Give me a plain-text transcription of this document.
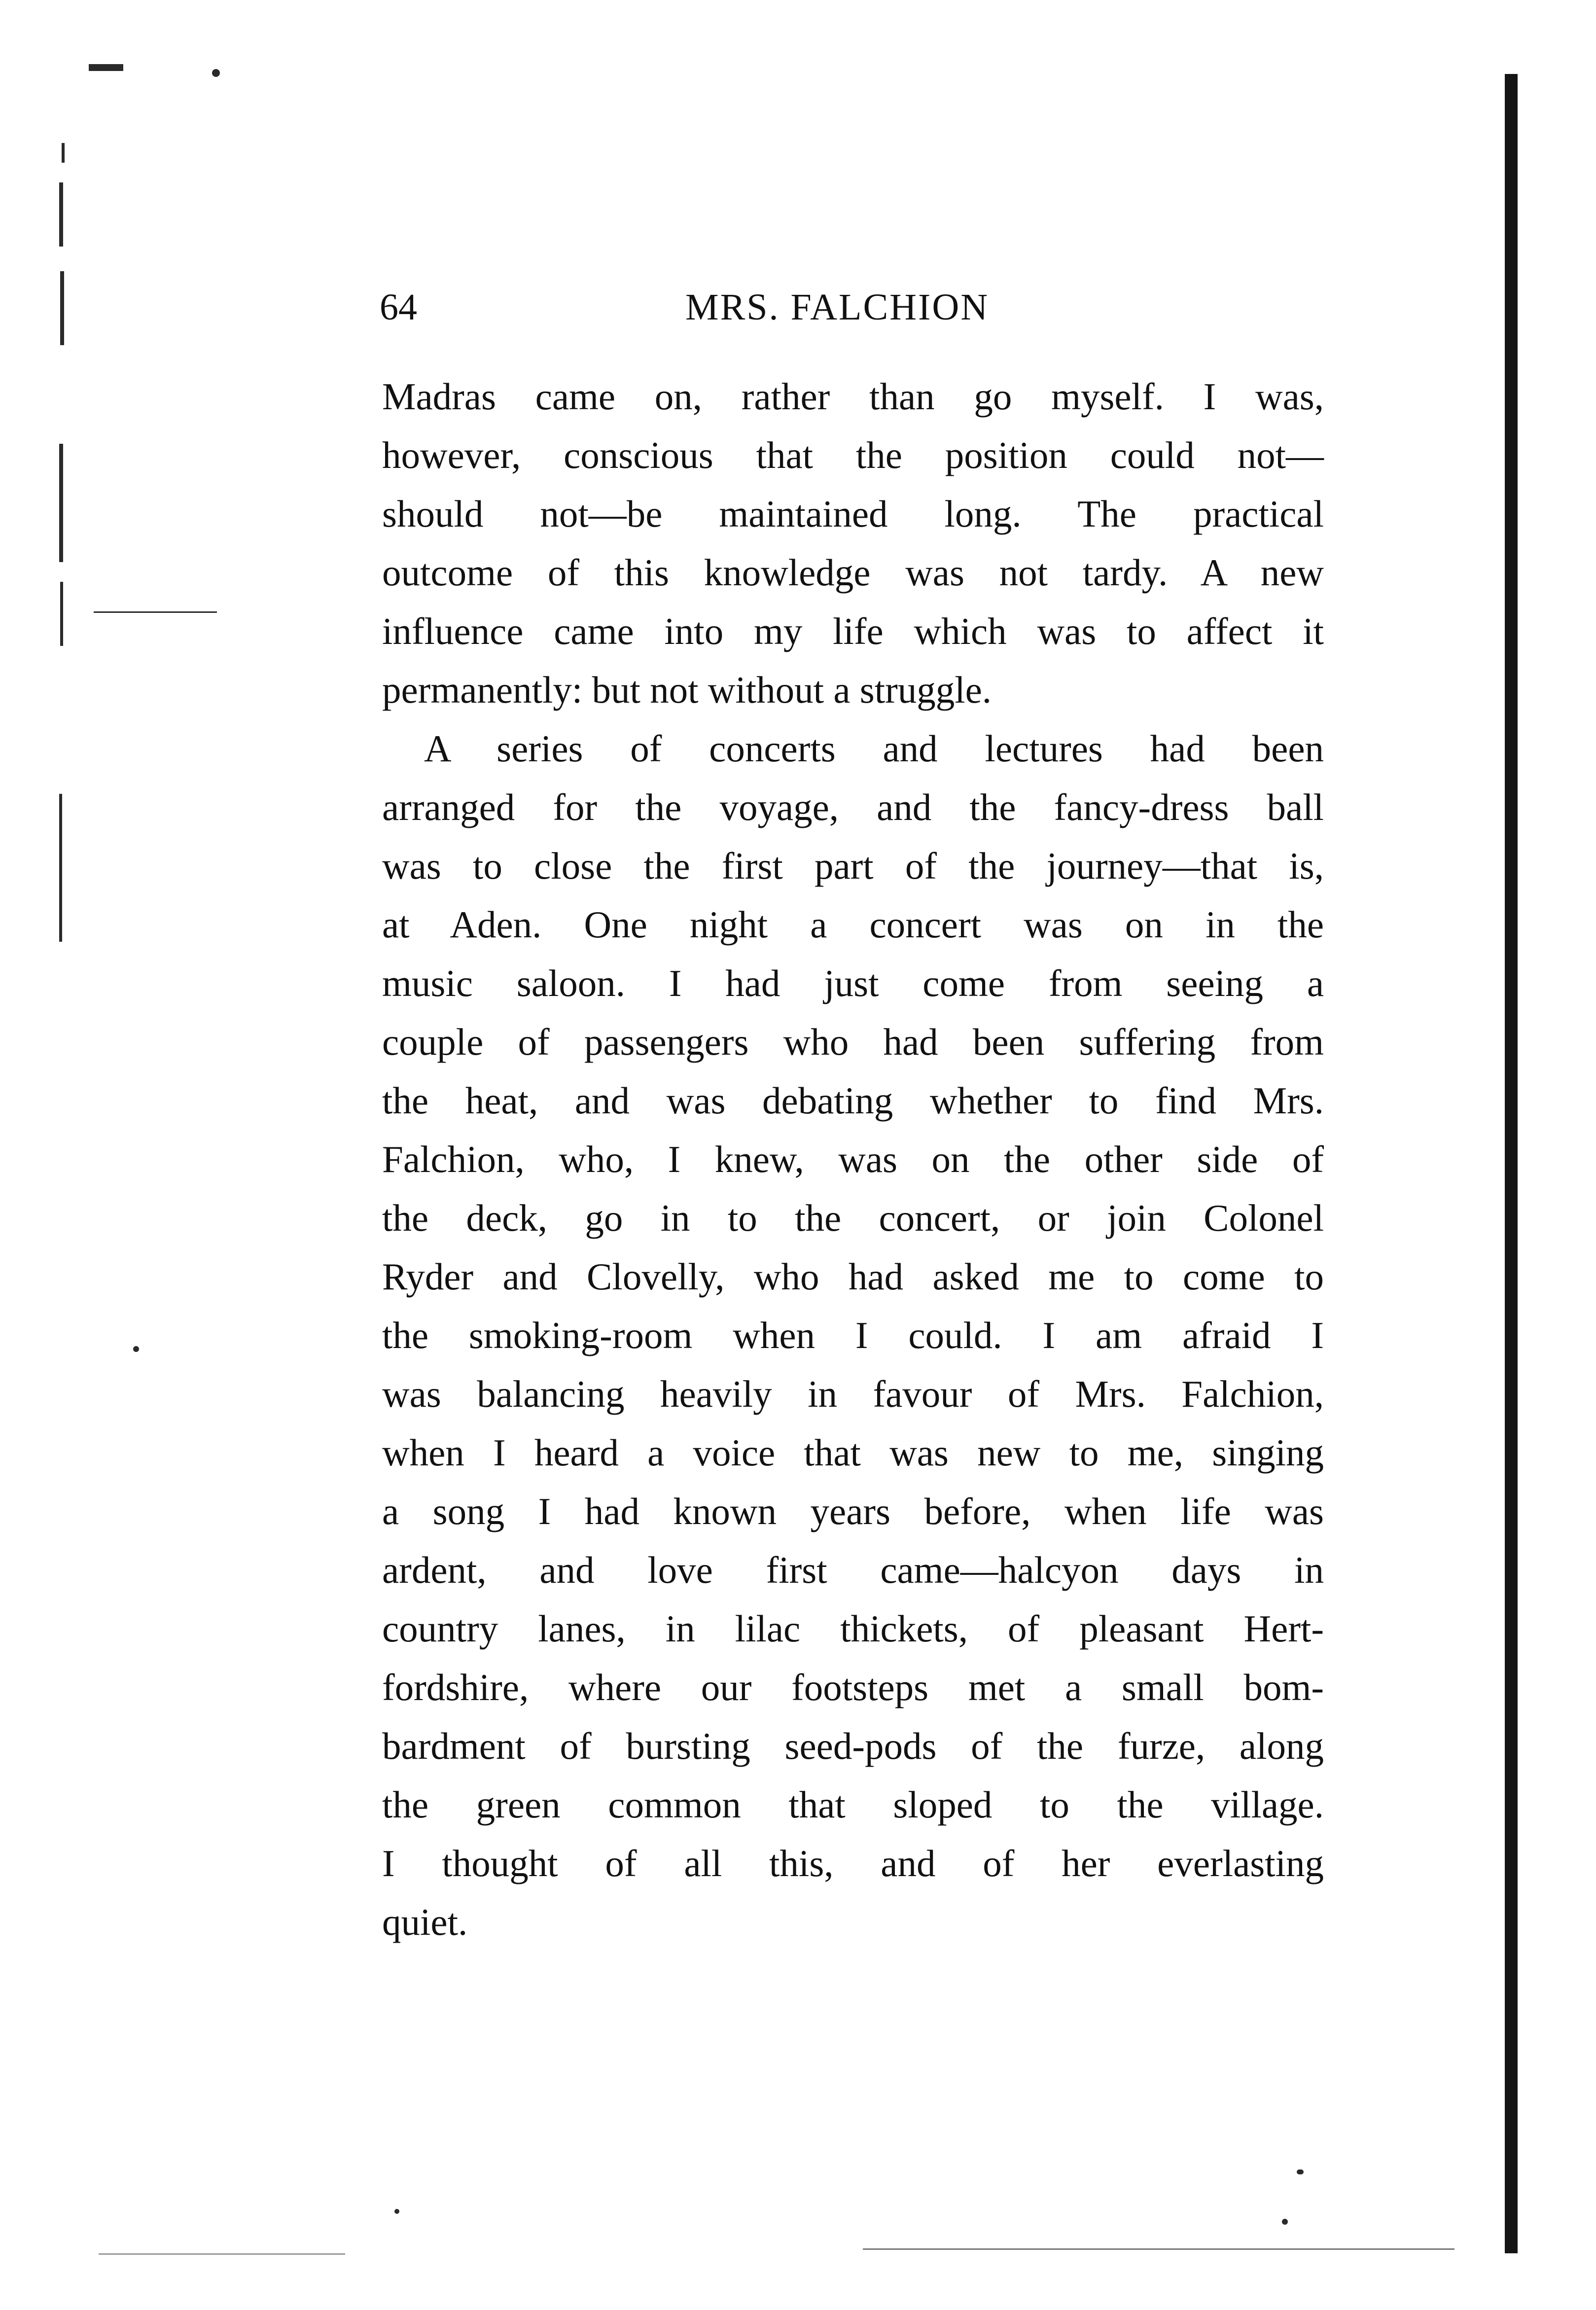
64	MRS. FALCHION
Madras came on, rather than go myself. I was,
however, conscious that the position could not—
should not—be maintained long. The practical
outcome of this knowledge was not tardy. A new
influence came into my life which was to affect it
permanently: but not without a struggle.
A series of concerts and lectures had been
arranged for the voyage, and the fancy-dress ball
was to close the first part of the journey—that is,
at Aden. One night a concert was on in the
music saloon. I had just come from seeing a
couple of passengers who had been suffering from
the heat, and was debating whether to find Mrs.
Falchion, who, I knew, was on the other side of
the deck, go in to the concert, or join Colonel
Ryder and Clovelly, who had asked me to come to
the smoking-room when I could. I am afraid I
was balancing heavily in favour of Mrs. Falchion,
when I heard a voice that was new to me, singing
a song I had known years before, when life was
ardent, and love first came—halcyon days in
country lanes, in lilac thickets, of pleasant Hert-
fordshire, where our footsteps met a small bom-
bardment of bursting seed-pods of the furze, along
the green common that sloped to the village.
I thought of all this, and of her everlasting
quiet.
